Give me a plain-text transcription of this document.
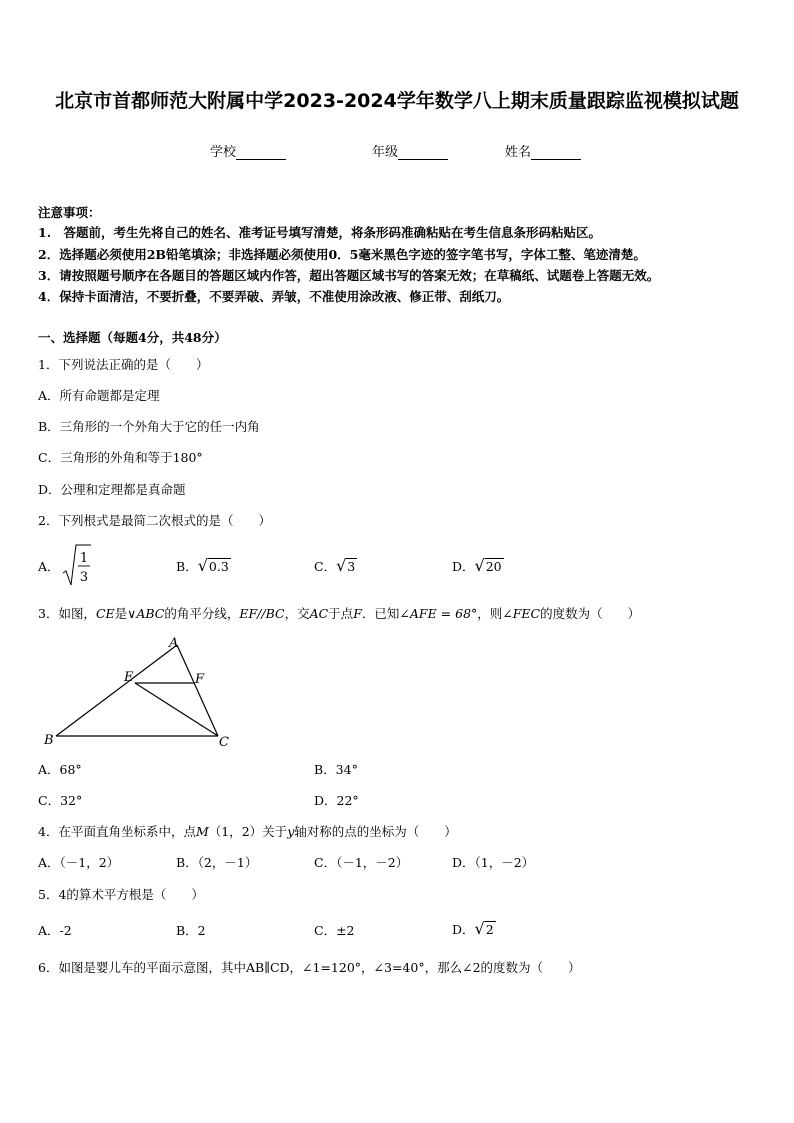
北京市首都师范大附属中学2023-2024学年数学八上期末质量跟踪监视模拟试题
学校	年级	姓名
注意事项：
1.　答题前，考生先将自己的姓名、准考证号填写清楚，将条形码准确粘贴在考生信息条形码粘贴区。
2．选择题必须使用2B铅笔填涂；非选择题必须使用0．5毫米黑色字迹的签字笔书写，字体工整、笔迹清楚。
3．请按照题号顺序在各题目的答题区域内作答，超出答题区域书写的答案无效；在草稿纸、试题卷上答题无效。
4．保持卡面清洁，不要折叠，不要弄破、弄皱，不准使用涂改液、修正带、刮纸刀。
一、选择题（每题4分，共48分）
1．下列说法正确的是（　　）
A．所有命题都是定理
B．三角形的一个外角大于它的任一内角
C．三角形的外角和等于180°
D．公理和定理都是真命题
2．下列根式是最简二次根式的是（　　）
A．
1
3
B．√0.3	C．√3	D．√20
3．如图，CE是∨ABC的角平分线，EF//BC，交AC于点F．已知∠AFE = 68°，则∠FEC的度数为（　　）
A
E	F
B	C
A．68°	B．34°
C．32°	D．22°
4．在平面直角坐标系中，点M（1，2）关于y轴对称的点的坐标为（　　）
A．（－1，2）	B．（2，－1）	C．（－1，－2）	D．（1，－2）
5．4的算术平方根是（　　）
A．-2	B．2	C．±2	D．√2
6．如图是婴儿车的平面示意图，其中AB∥CD，∠1=120°，∠3=40°，那么∠2的度数为（　　）
